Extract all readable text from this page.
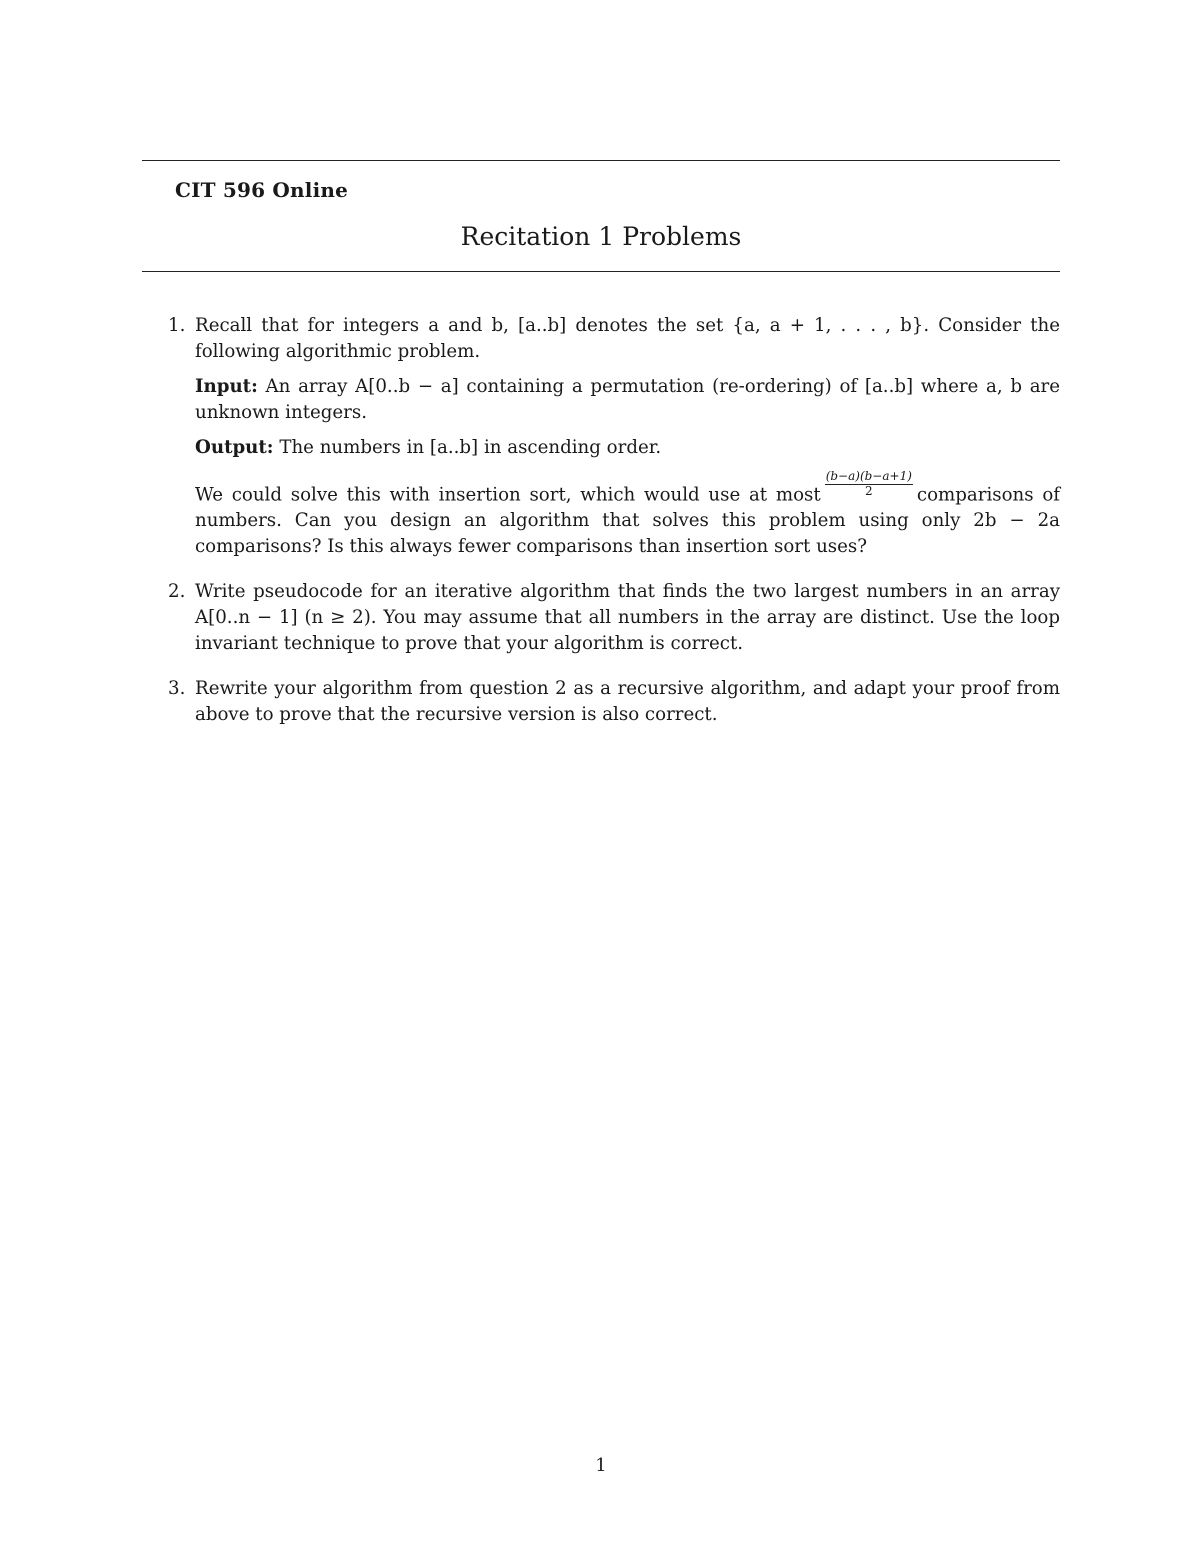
CIT 596 Online
Recitation 1 Problems
1. Recall that for integers a and b, [a..b] denotes the set {a, a + 1, . . . , b}. Consider the following algorithmic problem.

Input: An array A[0..b − a] containing a permutation (re-ordering) of [a..b] where a, b are unknown integers.

Output: The numbers in [a..b] in ascending order.

We could solve this with insertion sort, which would use at most $\frac{(b-a)(b-a+1)}{2}$ comparisons of numbers. Can you design an algorithm that solves this problem using only 2b − 2a comparisons? Is this always fewer comparisons than insertion sort uses?

2. Write pseudocode for an iterative algorithm that finds the two largest numbers in an array A[0..n − 1] (n ≥ 2). You may assume that all numbers in the array are distinct. Use the loop invariant technique to prove that your algorithm is correct.

3. Rewrite your algorithm from question 2 as a recursive algorithm, and adapt your proof from above to prove that the recursive version is also correct.

1
